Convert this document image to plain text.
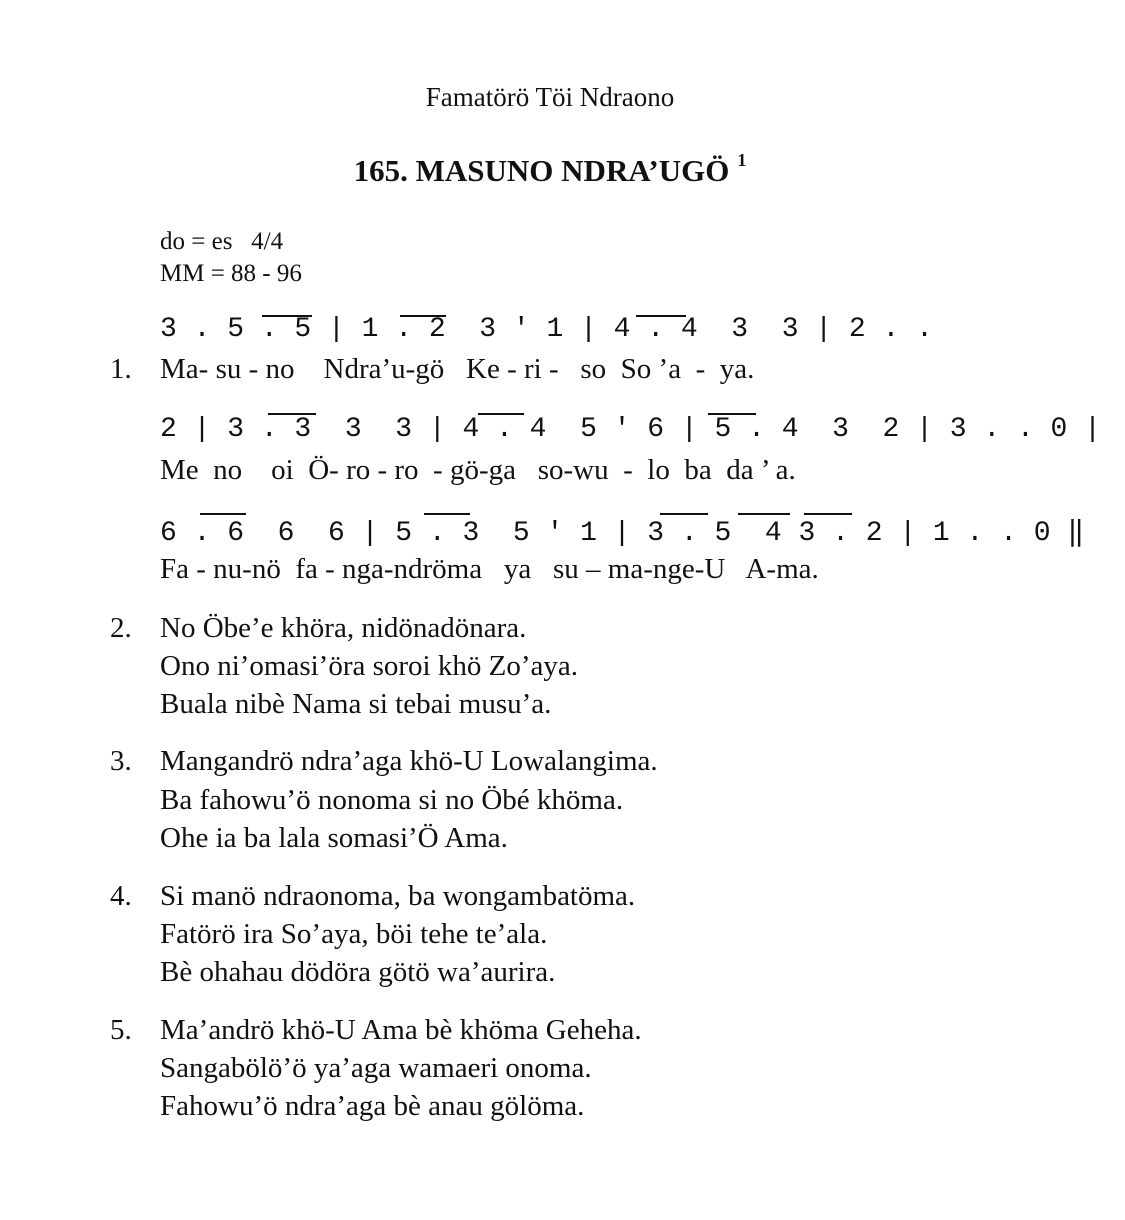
Famatörö Töi Ndraono
165. MASUNO NDRA’UGÖ $^1$
do = es   4/4
MM = 88 - 96
3 . 5 . 5 | 1 . 2  3 ' 1 | 4 . 4  3  3 | 2 . .
1. Ma- su - no    Ndra’u-gö   Ke - ri -   so  So ’a  -  ya.
2 | 3 . 3  3  3 | 4 . 4  5 ' 6 | 5 . 4  3  2 | 3 . . 0 |
Me  no    oi  Ö- ro - ro  - gö-ga   so-wu  -  lo  ba  da ’ a.
6 . 6  6  6 | 5 . 3  5 ' 1 | 3 . 5  4 3 . 2 | 1 . . 0 ‖
Fa - nu-nö  fa - nga-ndröma   ya   su – ma-nge-U   A-ma.
2. No Öbe’e khöra, nidönadönara.
Ono ni’omasi’öra soroi khö Zo’aya.
Buala nibè Nama si tebai musu’a.
3. Mangandrö ndra’aga khö-U Lowalangima.
Ba fahowu’ö nonoma si no Öbé khöma.
Ohe ia ba lala somasi’Ö Ama.
4. Si manö ndraonoma, ba wongambatöma.
Fatörö ira So’aya, böi tehe te’ala.
Bè ohahau dödöra götö wa’aurira.
5. Ma’andrö khö-U Ama bè khöma Geheha.
Sangabölö’ö ya’aga wamaeri onoma.
Fahowu’ö ndra’aga bè anau gölöma.
